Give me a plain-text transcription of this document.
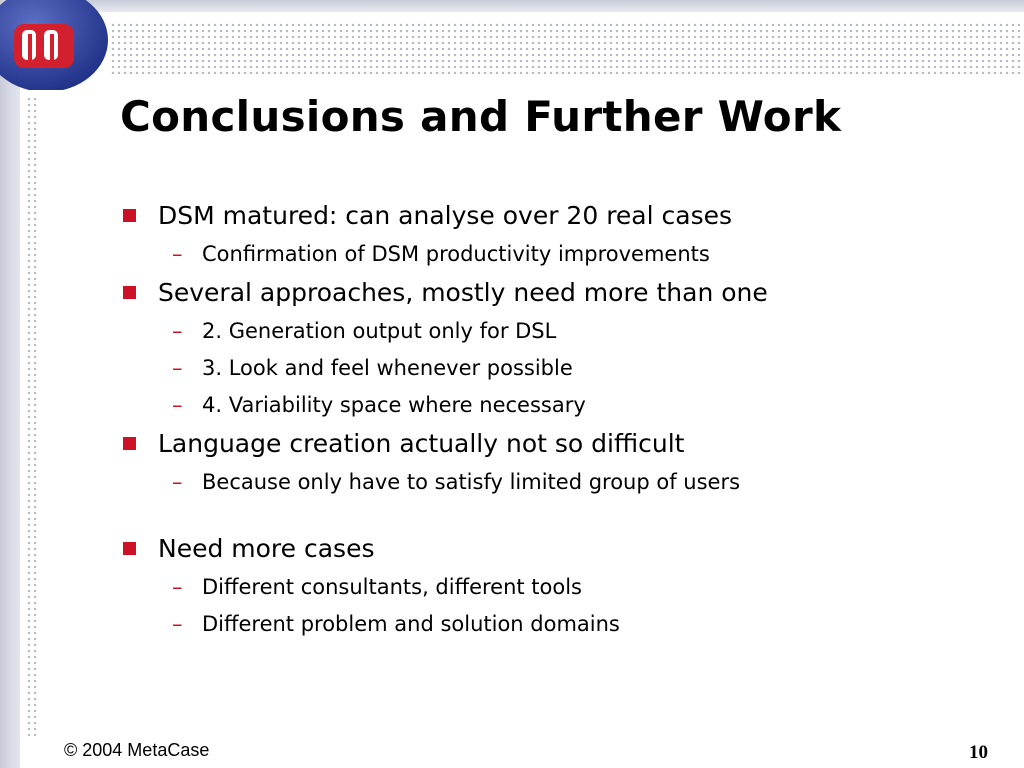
Conclusions and Further Work
DSM matured: can analyse over 20 real cases
– Confirmation of DSM productivity improvements
Several approaches, mostly need more than one
– 2. Generation output only for DSL
– 3. Look and feel whenever possible
– 4. Variability space where necessary
Language creation actually not so difficult
– Because only have to satisfy limited group of users
Need more cases
– Different consultants, different tools
– Different problem and solution domains
© 2004 MetaCase	10
